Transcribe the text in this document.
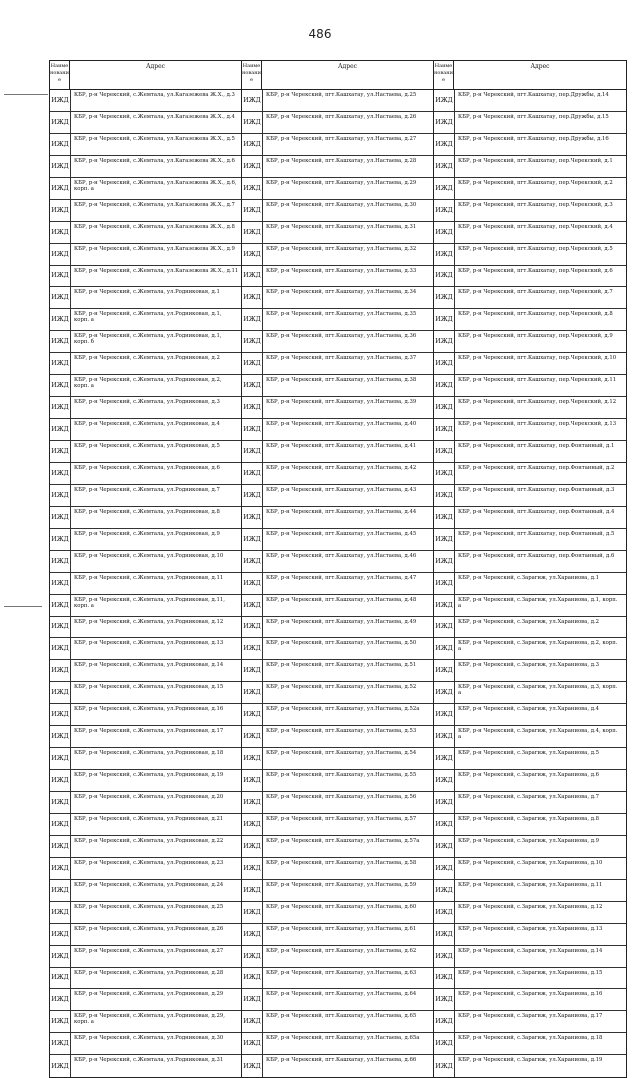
486
Наименование
Адрес
ИЖД
КБР, р-н Черекский, с.Жемтала, ул.Кагазежева Ж.Х., д.3
ИЖД
КБР, р-н Черекский, с.Жемтала, ул.Кагазежева Ж.Х., д.4
ИЖД
КБР, р-н Черекский, с.Жемтала, ул.Кагазежева Ж.Х., д.5
ИЖД
КБР, р-н Черекский, с.Жемтала, ул.Кагазежева Ж.Х., д.6
ИЖД
КБР, р-н Черекский, с.Жемтала, ул.Кагазежева Ж.Х., д.6,
корп. а
ИЖД
КБР, р-н Черекский, с.Жемтала, ул.Кагазежева Ж.Х., д.7
ИЖД
КБР, р-н Черекский, с.Жемтала, ул.Кагазежева Ж.Х., д.8
ИЖД
КБР, р-н Черекский, с.Жемтала, ул.Кагазежева Ж.Х., д.9
ИЖД
КБР, р-н Черекский, с.Жемтала, ул.Кагазежева Ж.Х., д.11
ИЖД
КБР, р-н Черекский, с.Жемтала, ул.Родниковая, д.1
ИЖД
КБР, р-н Черекский, с.Жемтала, ул.Родниковая, д.1,
корп. а
ИЖД
КБР, р-н Черекский, с.Жемтала, ул.Родниковая, д.1,
корп. б
ИЖД
КБР, р-н Черекский, с.Жемтала, ул.Родниковая, д.2
ИЖД
КБР, р-н Черекский, с.Жемтала, ул.Родниковая, д.2,
корп. а
ИЖД
КБР, р-н Черекский, с.Жемтала, ул.Родниковая, д.3
ИЖД
КБР, р-н Черекский, с.Жемтала, ул.Родниковая, д.4
ИЖД
КБР, р-н Черекский, с.Жемтала, ул.Родниковая, д.5
ИЖД
КБР, р-н Черекский, с.Жемтала, ул.Родниковая, д.6
ИЖД
КБР, р-н Черекский, с.Жемтала, ул.Родниковая, д.7
ИЖД
КБР, р-н Черекский, с.Жемтала, ул.Родниковая, д.8
ИЖД
КБР, р-н Черекский, с.Жемтала, ул.Родниковая, д.9
ИЖД
КБР, р-н Черекский, с.Жемтала, ул.Родниковая, д.10
ИЖД
КБР, р-н Черекский, с.Жемтала, ул.Родниковая, д.11
ИЖД
КБР, р-н Черекский, с.Жемтала, ул.Родниковая, д.11,
корп. а
ИЖД
КБР, р-н Черекский, с.Жемтала, ул.Родниковая, д.12
ИЖД
КБР, р-н Черекский, с.Жемтала, ул.Родниковая, д.13
ИЖД
КБР, р-н Черекский, с.Жемтала, ул.Родниковая, д.14
ИЖД
КБР, р-н Черекский, с.Жемтала, ул.Родниковая, д.15
ИЖД
КБР, р-н Черекский, с.Жемтала, ул.Родниковая, д.16
ИЖД
КБР, р-н Черекский, с.Жемтала, ул.Родниковая, д.17
ИЖД
КБР, р-н Черекский, с.Жемтала, ул.Родниковая, д.18
ИЖД
КБР, р-н Черекский, с.Жемтала, ул.Родниковая, д.19
ИЖД
КБР, р-н Черекский, с.Жемтала, ул.Родниковая, д.20
ИЖД
КБР, р-н Черекский, с.Жемтала, ул.Родниковая, д.21
ИЖД
КБР, р-н Черекский, с.Жемтала, ул.Родниковая, д.22
ИЖД
КБР, р-н Черекский, с.Жемтала, ул.Родниковая, д.23
ИЖД
КБР, р-н Черекский, с.Жемтала, ул.Родниковая, д.24
ИЖД
КБР, р-н Черекский, с.Жемтала, ул.Родниковая, д.25
ИЖД
КБР, р-н Черекский, с.Жемтала, ул.Родниковая, д.26
ИЖД
КБР, р-н Черекский, с.Жемтала, ул.Родниковая, д.27
ИЖД
КБР, р-н Черекский, с.Жемтала, ул.Родниковая, д.28
ИЖД
КБР, р-н Черекский, с.Жемтала, ул.Родниковая, д.29
ИЖД
КБР, р-н Черекский, с.Жемтала, ул.Родниковая, д.29,
корп. а
ИЖД
КБР, р-н Черекский, с.Жемтала, ул.Родниковая, д.30
ИЖД
КБР, р-н Черекский, с.Жемтала, ул.Родниковая, д.31
Наименование
Адрес
ИЖД
КБР, р-н Черекский, пгт.Кашхатау, ул.Настаева, д.25
ИЖД
КБР, р-н Черекский, пгт.Кашхатау, ул.Настаева, д.26
ИЖД
КБР, р-н Черекский, пгт.Кашхатау, ул.Настаева, д.27
ИЖД
КБР, р-н Черекский, пгт.Кашхатау, ул.Настаева, д.28
ИЖД
КБР, р-н Черекский, пгт.Кашхатау, ул.Настаева, д.29
ИЖД
КБР, р-н Черекский, пгт.Кашхатау, ул.Настаева, д.30
ИЖД
КБР, р-н Черекский, пгт.Кашхатау, ул.Настаева, д.31
ИЖД
КБР, р-н Черекский, пгт.Кашхатау, ул.Настаева, д.32
ИЖД
КБР, р-н Черекский, пгт.Кашхатау, ул.Настаева, д.33
ИЖД
КБР, р-н Черекский, пгт.Кашхатау, ул.Настаева, д.34
ИЖД
КБР, р-н Черекский, пгт.Кашхатау, ул.Настаева, д.35
ИЖД
КБР, р-н Черекский, пгт.Кашхатау, ул.Настаева, д.36
ИЖД
КБР, р-н Черекский, пгт.Кашхатау, ул.Настаева, д.37
ИЖД
КБР, р-н Черекский, пгт.Кашхатау, ул.Настаева, д.38
ИЖД
КБР, р-н Черекский, пгт.Кашхатау, ул.Настаева, д.39
ИЖД
КБР, р-н Черекский, пгт.Кашхатау, ул.Настаева, д.40
ИЖД
КБР, р-н Черекский, пгт.Кашхатау, ул.Настаева, д.41
ИЖД
КБР, р-н Черекский, пгт.Кашхатау, ул.Настаева, д.42
ИЖД
КБР, р-н Черекский, пгт.Кашхатау, ул.Настаева, д.43
ИЖД
КБР, р-н Черекский, пгт.Кашхатау, ул.Настаева, д.44
ИЖД
КБР, р-н Черекский, пгт.Кашхатау, ул.Настаева, д.45
ИЖД
КБР, р-н Черекский, пгт.Кашхатау, ул.Настаева, д.46
ИЖД
КБР, р-н Черекский, пгт.Кашхатау, ул.Настаева, д.47
ИЖД
КБР, р-н Черекский, пгт.Кашхатау, ул.Настаева, д.48
ИЖД
КБР, р-н Черекский, пгт.Кашхатау, ул.Настаева, д.49
ИЖД
КБР, р-н Черекский, пгт.Кашхатау, ул.Настаева, д.50
ИЖД
КБР, р-н Черекский, пгт.Кашхатау, ул.Настаева, д.51
ИЖД
КБР, р-н Черекский, пгт.Кашхатау, ул.Настаева, д.52
ИЖД
КБР, р-н Черекский, пгт.Кашхатау, ул.Настаева, д.52а
ИЖД
КБР, р-н Черекский, пгт.Кашхатау, ул.Настаева, д.53
ИЖД
КБР, р-н Черекский, пгт.Кашхатау, ул.Настаева, д.54
ИЖД
КБР, р-н Черекский, пгт.Кашхатау, ул.Настаева, д.55
ИЖД
КБР, р-н Черекский, пгт.Кашхатау, ул.Настаева, д.56
ИЖД
КБР, р-н Черекский, пгт.Кашхатау, ул.Настаева, д.57
ИЖД
КБР, р-н Черекский, пгт.Кашхатау, ул.Настаева, д.57а
ИЖД
КБР, р-н Черекский, пгт.Кашхатау, ул.Настаева, д.58
ИЖД
КБР, р-н Черекский, пгт.Кашхатау, ул.Настаева, д.59
ИЖД
КБР, р-н Черекский, пгт.Кашхатау, ул.Настаева, д.60
ИЖД
КБР, р-н Черекский, пгт.Кашхатау, ул.Настаева, д.61
ИЖД
КБР, р-н Черекский, пгт.Кашхатау, ул.Настаева, д.62
ИЖД
КБР, р-н Черекский, пгт.Кашхатау, ул.Настаева, д.63
ИЖД
КБР, р-н Черекский, пгт.Кашхатау, ул.Настаева, д.64
ИЖД
КБР, р-н Черекский, пгт.Кашхатау, ул.Настаева, д.65
ИЖД
КБР, р-н Черекский, пгт.Кашхатау, ул.Настаева, д.65а
ИЖД
КБР, р-н Черекский, пгт.Кашхатау, ул.Настаева, д.66
Наименование
Адрес
ИЖД
КБР, р-н Черекский, пгт.Кашхатау, пер.Дружбы, д.14
ИЖД
КБР, р-н Черекский, пгт.Кашхатау, пер.Дружбы, д.15
ИЖД
КБР, р-н Черекский, пгт.Кашхатау, пер.Дружбы, д.16
ИЖД
КБР, р-н Черекский, пгт.Кашхатау, пер.Черекский, д.1
ИЖД
КБР, р-н Черекский, пгт.Кашхатау, пер.Черекский, д.2
ИЖД
КБР, р-н Черекский, пгт.Кашхатау, пер.Черекский, д.3
ИЖД
КБР, р-н Черекский, пгт.Кашхатау, пер.Черекский, д.4
ИЖД
КБР, р-н Черекский, пгт.Кашхатау, пер.Черекский, д.5
ИЖД
КБР, р-н Черекский, пгт.Кашхатау, пер.Черекский, д.6
ИЖД
КБР, р-н Черекский, пгт.Кашхатау, пер.Черекский, д.7
ИЖД
КБР, р-н Черекский, пгт.Кашхатау, пер.Черекский, д.8
ИЖД
КБР, р-н Черекский, пгт.Кашхатау, пер.Черекский, д.9
ИЖД
КБР, р-н Черекский, пгт.Кашхатау, пер.Черекский, д.10
ИЖД
КБР, р-н Черекский, пгт.Кашхатау, пер.Черекский, д.11
ИЖД
КБР, р-н Черекский, пгт.Кашхатау, пер.Черекский, д.12
ИЖД
КБР, р-н Черекский, пгт.Кашхатау, пер.Черекский, д.13
ИЖД
КБР, р-н Черекский, пгт.Кашхатау, пер.Фонтанный, д.1
ИЖД
КБР, р-н Черекский, пгт.Кашхатау, пер.Фонтанный, д.2
ИЖД
КБР, р-н Черекский, пгт.Кашхатау, пер.Фонтанный, д.3
ИЖД
КБР, р-н Черекский, пгт.Кашхатау, пер.Фонтанный, д.4
ИЖД
КБР, р-н Черекский, пгт.Кашхатау, пер.Фонтанный, д.5
ИЖД
КБР, р-н Черекский, пгт.Кашхатау, пер.Фонтанный, д.6
ИЖД
КБР, р-н Черекский, с.Зарагиж, ул.Хараниова, д.1
ИЖД
КБР, р-н Черекский, с.Зарагиж, ул.Хараниова, д.1, корп.
а
ИЖД
КБР, р-н Черекский, с.Зарагиж, ул.Хараниова, д.2
ИЖД
КБР, р-н Черекский, с.Зарагиж, ул.Хараниова, д.2, корп.
а
ИЖД
КБР, р-н Черекский, с.Зарагиж, ул.Хараниова, д.3
ИЖД
КБР, р-н Черекский, с.Зарагиж, ул.Хараниова, д.3, корп.
а
ИЖД
КБР, р-н Черекский, с.Зарагиж, ул.Хараниова, д.4
ИЖД
КБР, р-н Черекский, с.Зарагиж, ул.Хараниова, д.4, корп.
а
ИЖД
КБР, р-н Черекский, с.Зарагиж, ул.Хараниова, д.5
ИЖД
КБР, р-н Черекский, с.Зарагиж, ул.Хараниова, д.6
ИЖД
КБР, р-н Черекский, с.Зарагиж, ул.Хараниова, д.7
ИЖД
КБР, р-н Черекский, с.Зарагиж, ул.Хараниова, д.8
ИЖД
КБР, р-н Черекский, с.Зарагиж, ул.Хараниова, д.9
ИЖД
КБР, р-н Черекский, с.Зарагиж, ул.Хараниова, д.10
ИЖД
КБР, р-н Черекский, с.Зарагиж, ул.Хараниова, д.11
ИЖД
КБР, р-н Черекский, с.Зарагиж, ул.Хараниова, д.12
ИЖД
КБР, р-н Черекский, с.Зарагиж, ул.Хараниова, д.13
ИЖД
КБР, р-н Черекский, с.Зарагиж, ул.Хараниова, д.14
ИЖД
КБР, р-н Черекский, с.Зарагиж, ул.Хараниова, д.15
ИЖД
КБР, р-н Черекский, с.Зарагиж, ул.Хараниова, д.16
ИЖД
КБР, р-н Черекский, с.Зарагиж, ул.Хараниова, д.17
ИЖД
КБР, р-н Черекский, с.Зарагиж, ул.Хараниова, д.18
ИЖД
КБР, р-н Черекский, с.Зарагиж, ул.Хараниова, д.19
